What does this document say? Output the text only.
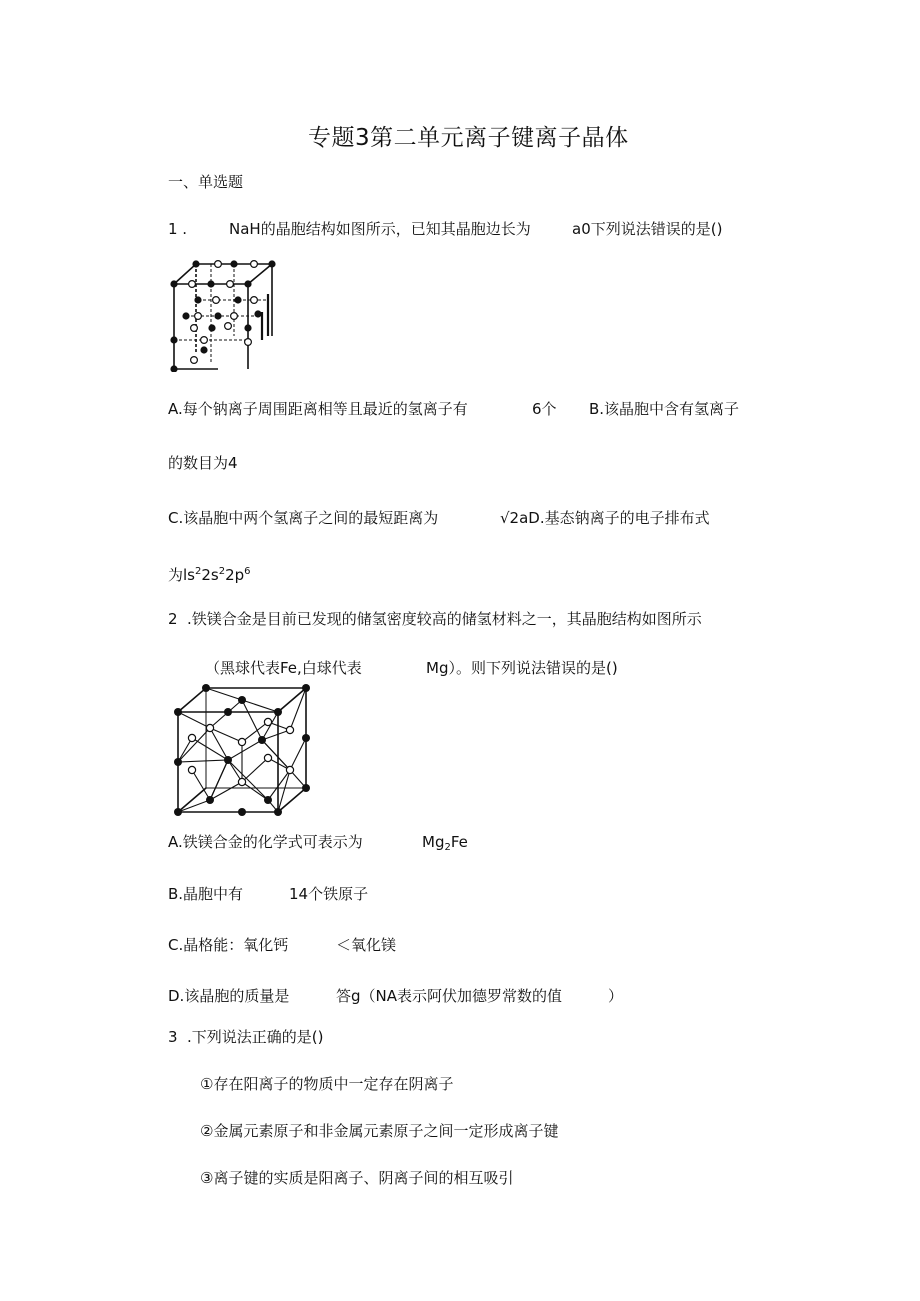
专题3第二单元离子键离子晶体
一、单选题
1 .	NaH的晶胞结构如图所示，已知其晶胞边长为	a0下列说法错误的是()
A.每个钠离子周围距离相等且最近的氢离子有	6个 B.该晶胞中含有氢离子
的数目为4
C.该晶胞中两个氢离子之间的最短距离为	√2aD.基态钠离子的电子排布式
为$ls^22s^22p^6$
2 .铁镁合金是目前已发现的储氢密度较高的储氢材料之一，其晶胞结构如图所示
（黑球代表Fe,白球代表	Mg）。则下列说法错误的是()
A.铁镁合金的化学式可表示为	$Mg_2Fe$
B.晶胞中有	14个铁原子
C.晶格能：氧化钙	＜氧化镁
D.该晶胞的质量是	答g（NA表示阿伏加德罗常数的值	）
3 .下列说法正确的是()
①存在阳离子的物质中一定存在阴离子
②金属元素原子和非金属元素原子之间一定形成离子键
③离子键的实质是阳离子、阴离子间的相互吸引
